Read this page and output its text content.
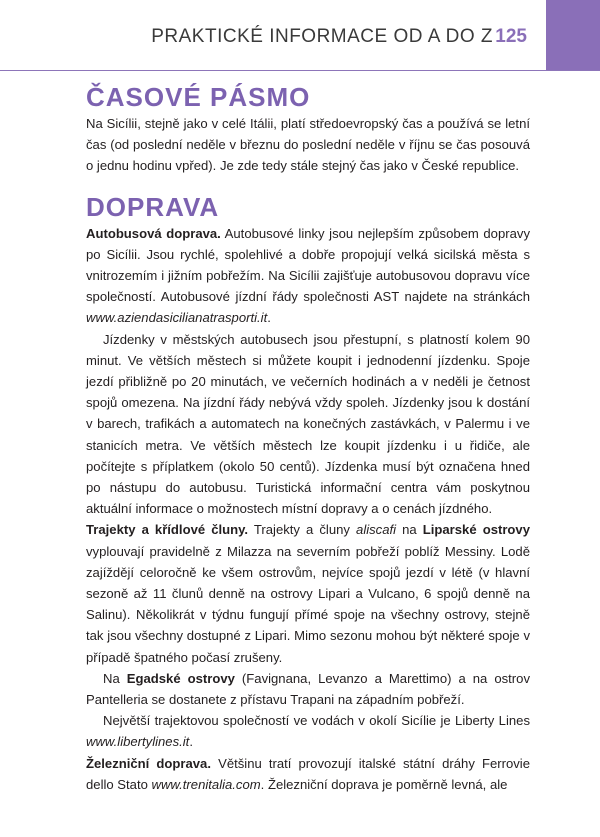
PRAKTICKÉ INFORMACE OD A DO Z 125
ČASOVÉ PÁSMO

Na Sicílii, stejně jako v celé Itálii, platí středoevropský čas a používá se letní čas (od poslední neděle v březnu do poslední neděle v říjnu se čas posouvá o jednu hodinu vpřed). Je zde tedy stále stejný čas jako v České republice.

DOPRAVA

Autobusová doprava. Autobusové linky jsou nejlepším způsobem dopravy po Sicílii. Jsou rychlé, spolehlivé a dobře propojují velká sicilská města s vnitrozemím i jižním pobřežím. Na Sicílii zajišťuje autobusovou dopravu více společností. Autobusové jízdní řády společnosti AST najdete na stránkách www.aziendasicilianatrasporti.it.

Jízdenky v městských autobusech jsou přestupní, s platností kolem 90 minut. Ve větších městech si můžete koupit i jednodenní jízdenku. Spoje jezdí přibližně po 20 minutách, ve večerních hodinách a v neděli je četnost spojů omezena. Na jízdní řády nebývá vždy spoleh. Jízdenky jsou k dostání v barech, trafikách a automatech na konečných zastávkách, v Palermu i ve stanicích metra. Ve větších městech lze koupit jízdenku i u řidiče, ale počítejte s příplatkem (okolo 50 centů). Jízdenka musí být označena hned po nástupu do autobusu. Turistická informační centra vám poskytnou aktuální informace o možnostech místní dopravy a o cenách jízdného.

Trajekty a křídlové čluny. Trajekty a čluny aliscafi na Liparské ostrovy vyplouvají pravidelně z Milazza na severním pobřeží poblíž Messiny. Lodě zajíždějí celoročně ke všem ostrovům, nejvíce spojů jezdí v létě (v hlavní sezoně až 11 člunů denně na ostrovy Lipari a Vulcano, 6 spojů denně na Salinu). Několikrát v týdnu fungují přímé spoje na všechny ostrovy, stejně tak jsou všechny dostupné z Lipari. Mimo sezonu mohou být některé spoje v případě špatného počasí zrušeny.

Na Egadské ostrovy (Favignana, Levanzo a Marettimo) a na ostrov Pantelleria se dostanete z přístavu Trapani na západním pobřeží.

Největší trajektovou společností ve vodách v okolí Sicílie je Liberty Lines www.libertylines.it.

Železniční doprava. Většinu tratí provozují italské státní dráhy Ferrovie dello Stato www.trenitalia.com. Železniční doprava je poměrně levná, ale
